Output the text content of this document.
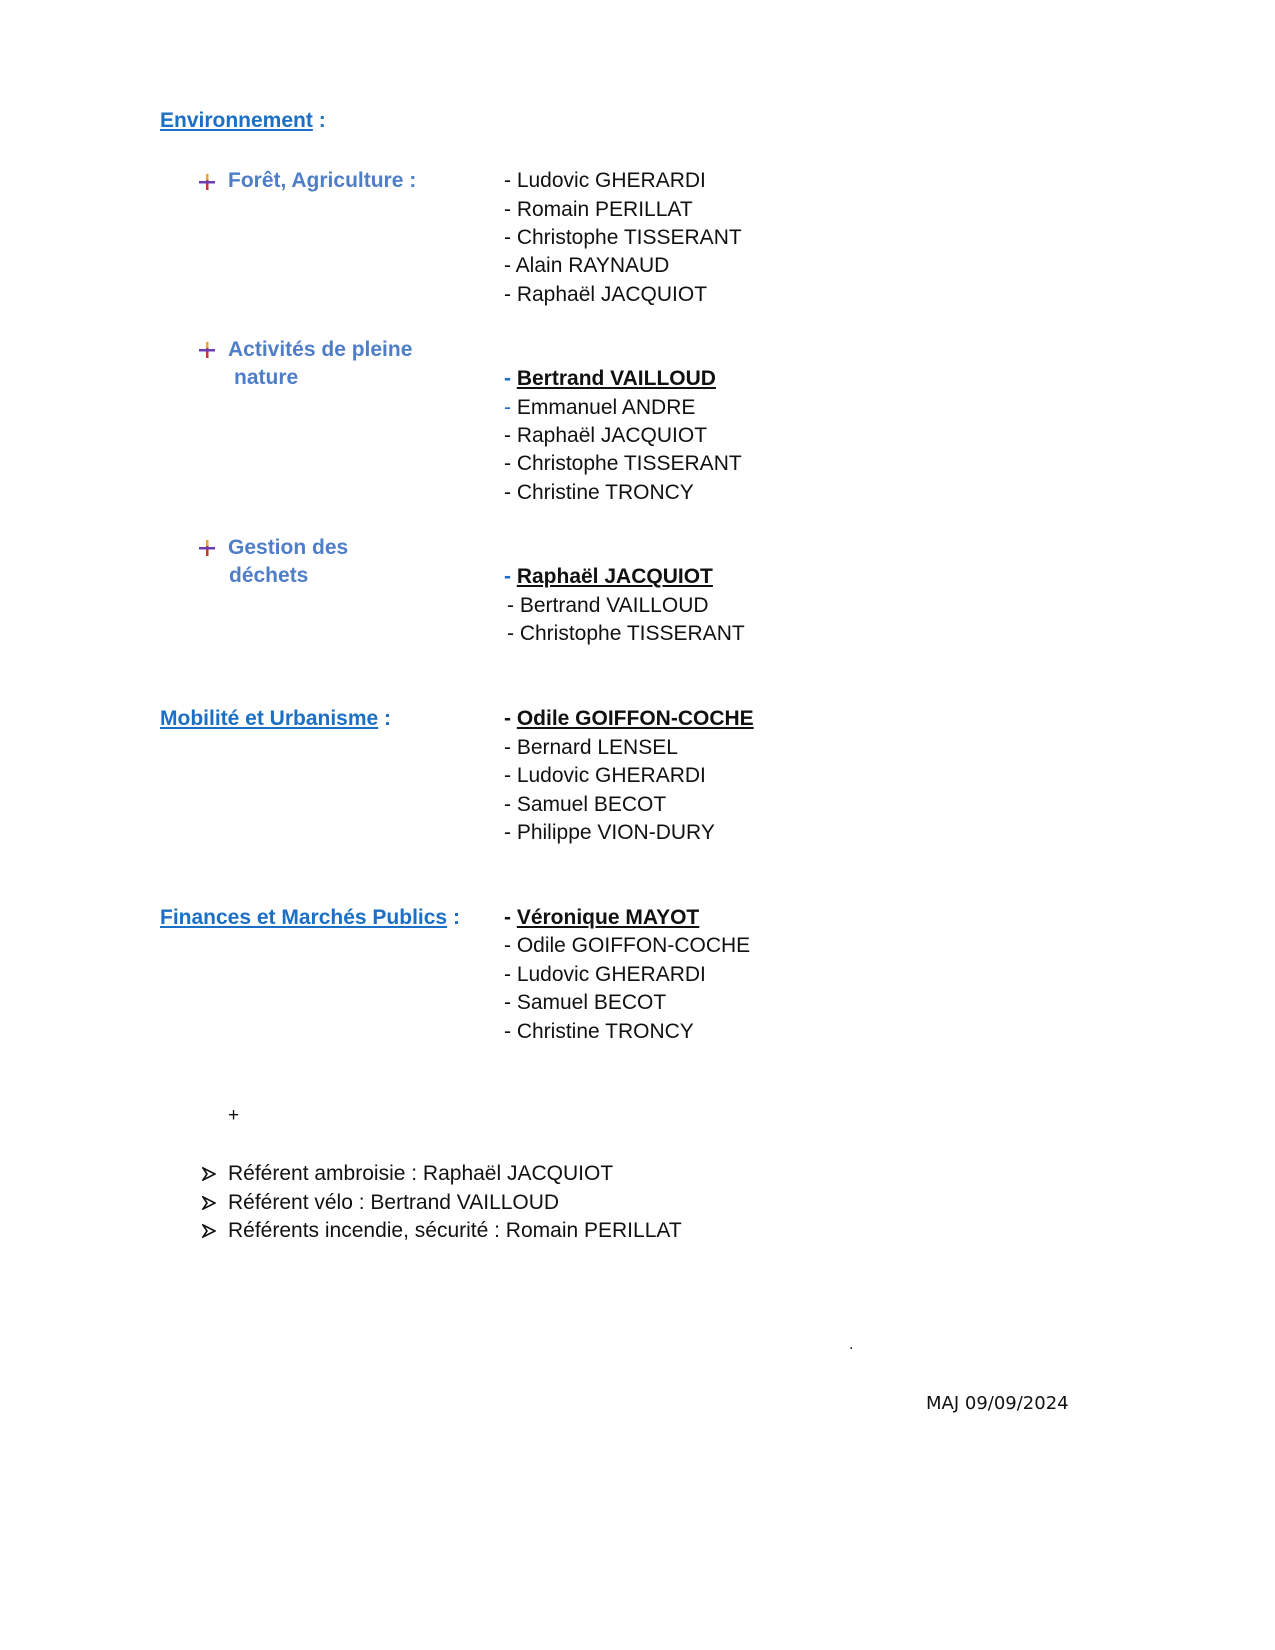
Environnement :
Forêt, Agriculture :	- Ludovic GHERARDI
- Romain PERILLAT
- Christophe TISSERANT
- Alain RAYNAUD
- Raphaël JACQUIOT
Activités de pleine
nature	- Bertrand VAILLOUD
- Emmanuel ANDRE
- Raphaël JACQUIOT
- Christophe TISSERANT
- Christine TRONCY
Gestion des
déchets	- Raphaël JACQUIOT
- Bertrand VAILLOUD
- Christophe TISSERANT
Mobilité et Urbanisme :	- Odile GOIFFON-COCHE
- Bernard LENSEL
- Ludovic GHERARDI
- Samuel BECOT
- Philippe VION-DURY
Finances et Marchés Publics : - Véronique MAYOT
- Odile GOIFFON-COCHE
- Ludovic GHERARDI
- Samuel BECOT
- Christine TRONCY
+
Référent ambroisie : Raphaël JACQUIOT
Référent vélo : Bertrand VAILLOUD
Référents incendie, sécurité : Romain PERILLAT
.
MAJ 09/09/2024
